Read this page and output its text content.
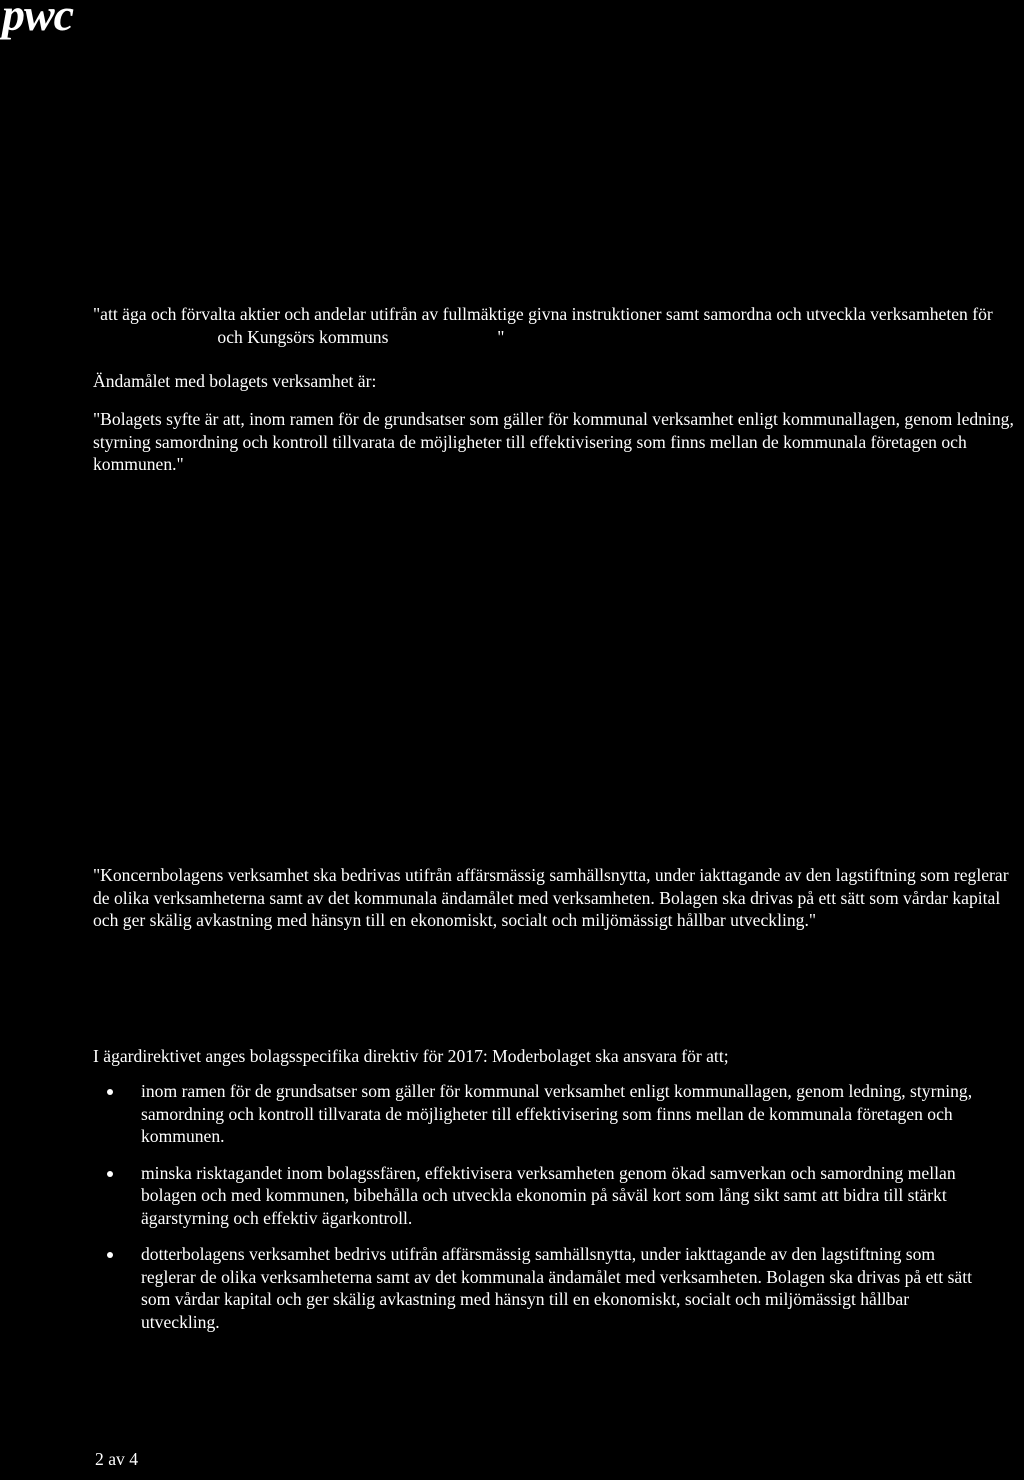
pwc

"att äga och förvalta aktier och andelar utifrån av fullmäktige givna instruktioner samt samordna och utveckla verksamheten för  och Kungsörs kommuns	"

Ändamålet med bolagets verksamhet är:

"Bolagets syfte är att, inom ramen för de grundsatser som gäller för kommunal verksamhet enligt kommunallagen, genom ledning, styrning samordning och kontroll tillvarata de möjligheter till effektivisering som finns mellan de kommunala företagen och kommunen."

"Koncernbolagens verksamhet ska bedrivas utifrån affärsmässig samhällsnytta, under iakttagande av den lagstiftning som reglerar de olika verksamheterna samt av det kommunala ändamålet med verksamheten. Bolagen ska drivas på ett sätt som vårdar kapital och ger skälig avkastning med hänsyn till en ekonomiskt, socialt och miljömässigt hållbar utveckling."

I ägardirektivet anges bolagsspecifika direktiv för 2017: Moderbolaget ska ansvara för att;

inom ramen för de grundsatser som gäller för kommunal verksamhet enligt kommunallagen, genom ledning, styrning, samordning och kontroll tillvarata de möjligheter till effektivisering som finns mellan de kommunala företagen och kommunen.
minska risktagandet inom bolagssfären, effektivisera verksamheten genom ökad samverkan och samordning mellan bolagen och med kommunen, bibehålla och utveckla ekonomin på såväl kort som lång sikt samt att bidra till stärkt ägarstyrning och effektiv ägarkontroll.
dotterbolagens verksamhet bedrivs utifrån affärsmässig samhällsnytta, under iakttagande av den lagstiftning som reglerar de olika verksamheterna samt av det kommunala ändamålet med verksamheten. Bolagen ska drivas på ett sätt som vårdar kapital och ger skälig avkastning med hänsyn till en ekonomiskt, socialt och miljömässigt hållbar utveckling.
2 av 4
